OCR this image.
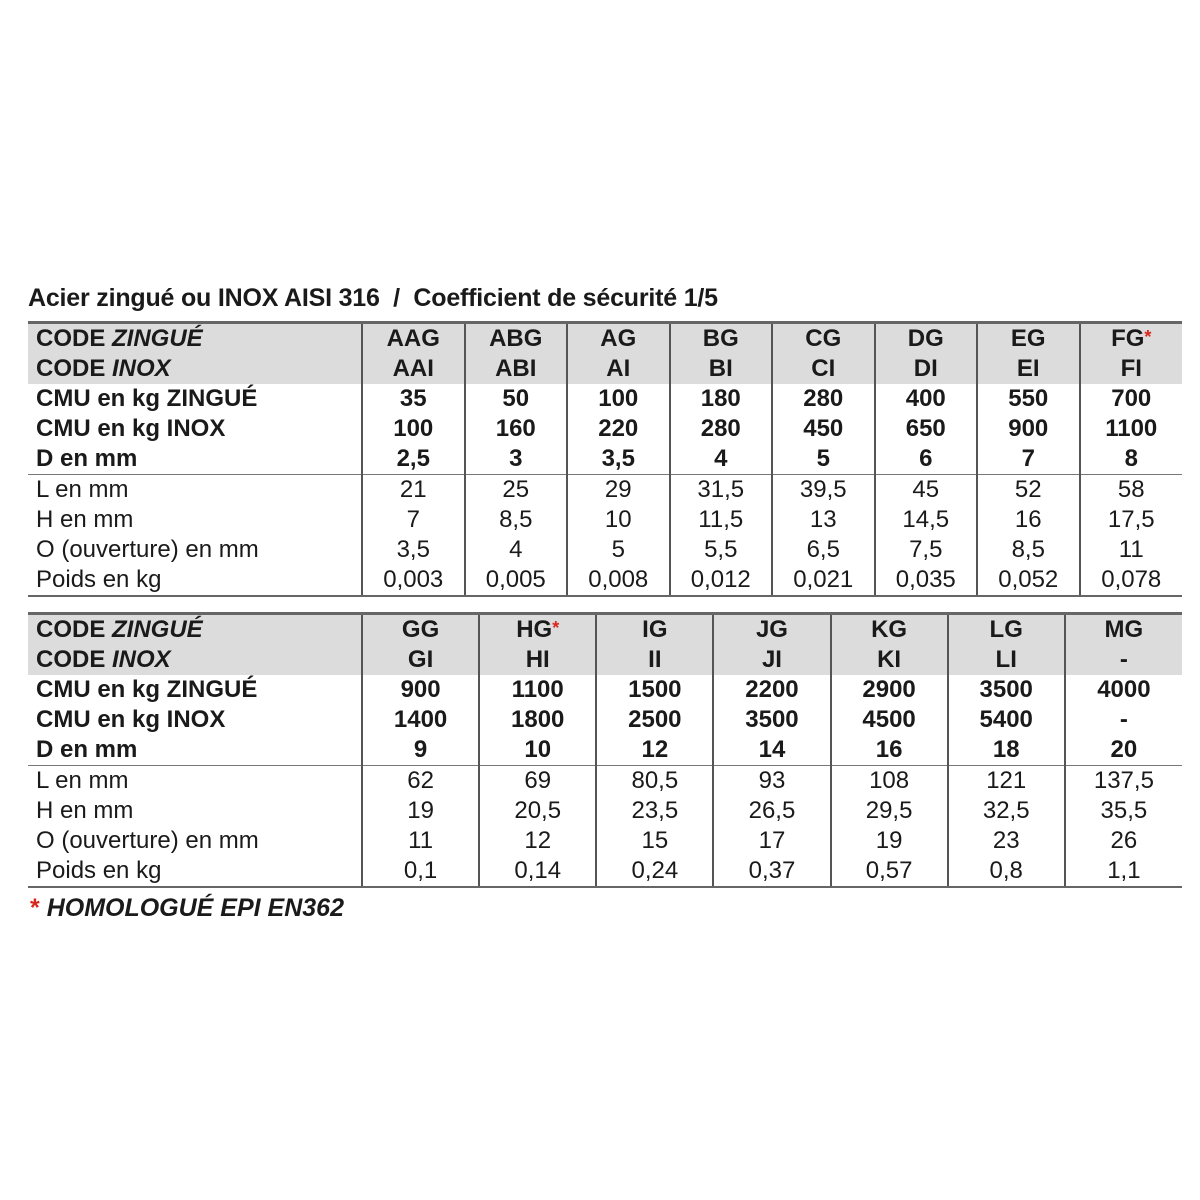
Acier zingué ou INOX AISI 316  /  Coefficient de sécurité 1/5
CODE ZINGUÉ	AAG	ABG	AG	BG	CG	DG	EG	FG*
CODE INOX	AAI	ABI	AI	BI	CI	DI	EI	FI
CMU en kg ZINGUÉ	35	50	100	180	280	400	550	700
CMU en kg INOX	100	160	220	280	450	650	900	1100
D en mm	2,5	3	3,5	4	5	6	7	8
L en mm	21	25	29	31,5	39,5	45	52	58
H en mm	7	8,5	10	11,5	13	14,5	16	17,5
O (ouverture) en mm	3,5	4	5	5,5	6,5	7,5	8,5	11
Poids en kg	0,003	0,005	0,008	0,012	0,021	0,035	0,052	0,078
CODE ZINGUÉ	GG	HG*	IG	JG	KG	LG	MG
CODE INOX	GI	HI	II	JI	KI	LI	-
CMU en kg ZINGUÉ	900	1100	1500	2200	2900	3500	4000
CMU en kg INOX	1400	1800	2500	3500	4500	5400	-
D en mm	9	10	12	14	16	18	20
L en mm	62	69	80,5	93	108	121	137,5
H en mm	19	20,5	23,5	26,5	29,5	32,5	35,5
O (ouverture) en mm	11	12	15	17	19	23	26
Poids en kg	0,1	0,14	0,24	0,37	0,57	0,8	1,1
* HOMOLOGUÉ EPI EN362
